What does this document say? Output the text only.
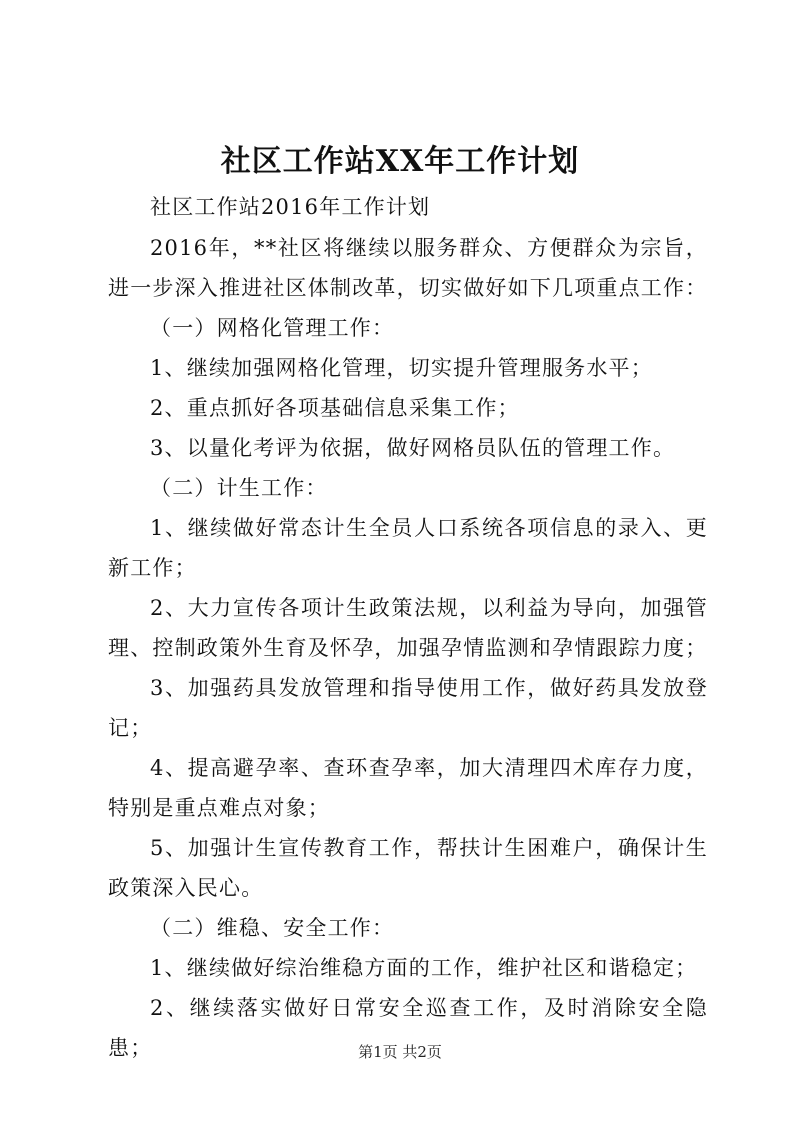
社区工作站XX年工作计划

社区工作站2016年工作计划

2016年，**社区将继续以服务群众、方便群众为宗旨，进一步深入推进社区体制改革，切实做好如下几项重点工作：

（一）网格化管理工作：

1、继续加强网格化管理，切实提升管理服务水平；

2、重点抓好各项基础信息采集工作；

3、以量化考评为依据，做好网格员队伍的管理工作。

（二）计生工作：

1、继续做好常态计生全员人口系统各项信息的录入、更新工作；

2、大力宣传各项计生政策法规，以利益为导向，加强管理、控制政策外生育及怀孕，加强孕情监测和孕情跟踪力度；

3、加强药具发放管理和指导使用工作，做好药具发放登记；

4、提高避孕率、查环查孕率，加大清理四术库存力度，特别是重点难点对象；

5、加强计生宣传教育工作，帮扶计生困难户，确保计生政策深入民心。

（二）维稳、安全工作：

1、继续做好综治维稳方面的工作，维护社区和谐稳定；

2、继续落实做好日常安全巡查工作，及时消除安全隐患；	第1页 共2页
